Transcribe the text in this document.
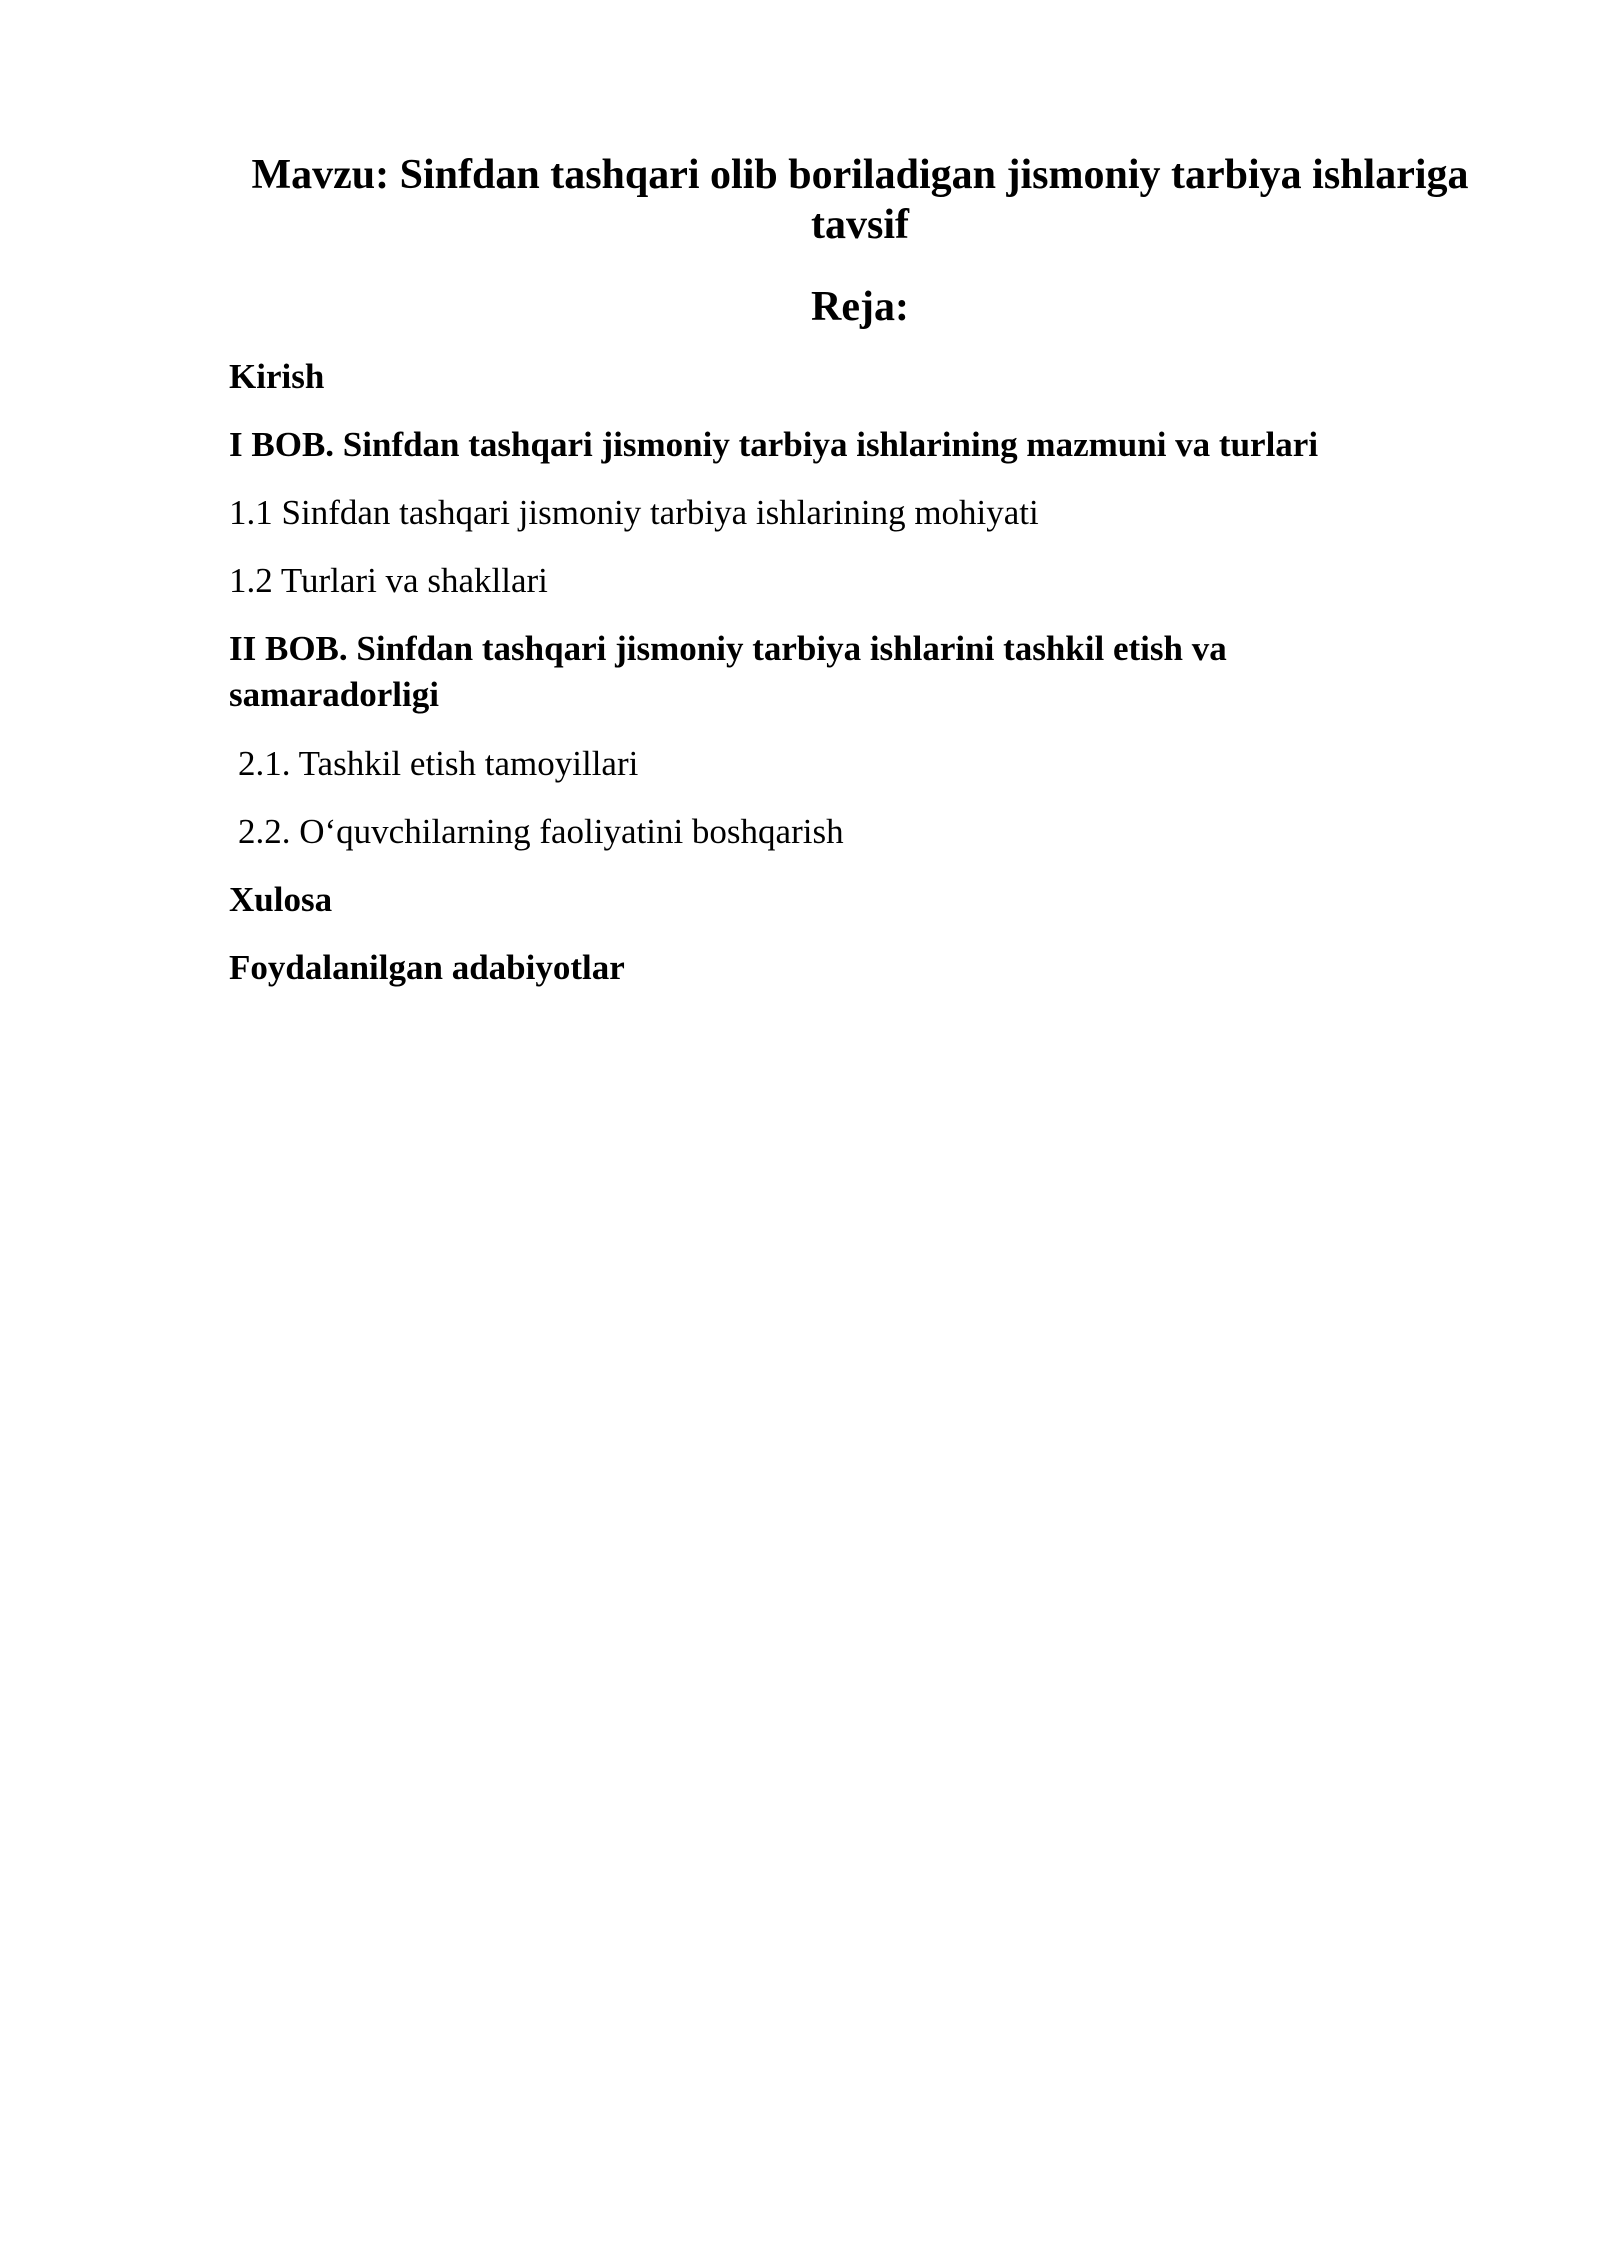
Mavzu: Sinfdan tashqari olib boriladigan jismoniy tarbiya ishlariga tavsif
Reja:
Kirish
I BOB. Sinfdan tashqari jismoniy tarbiya ishlarining mazmuni va turlari
1.1 Sinfdan tashqari jismoniy tarbiya ishlarining mohiyati
1.2 Turlari va shakllari
II BOB. Sinfdan tashqari jismoniy tarbiya ishlarini tashkil etish va samaradorligi
2.1. Tashkil etish tamoyillari
2.2. O‘quvchilarning faoliyatini boshqarish
Xulosa
Foydalanilgan adabiyotlar
